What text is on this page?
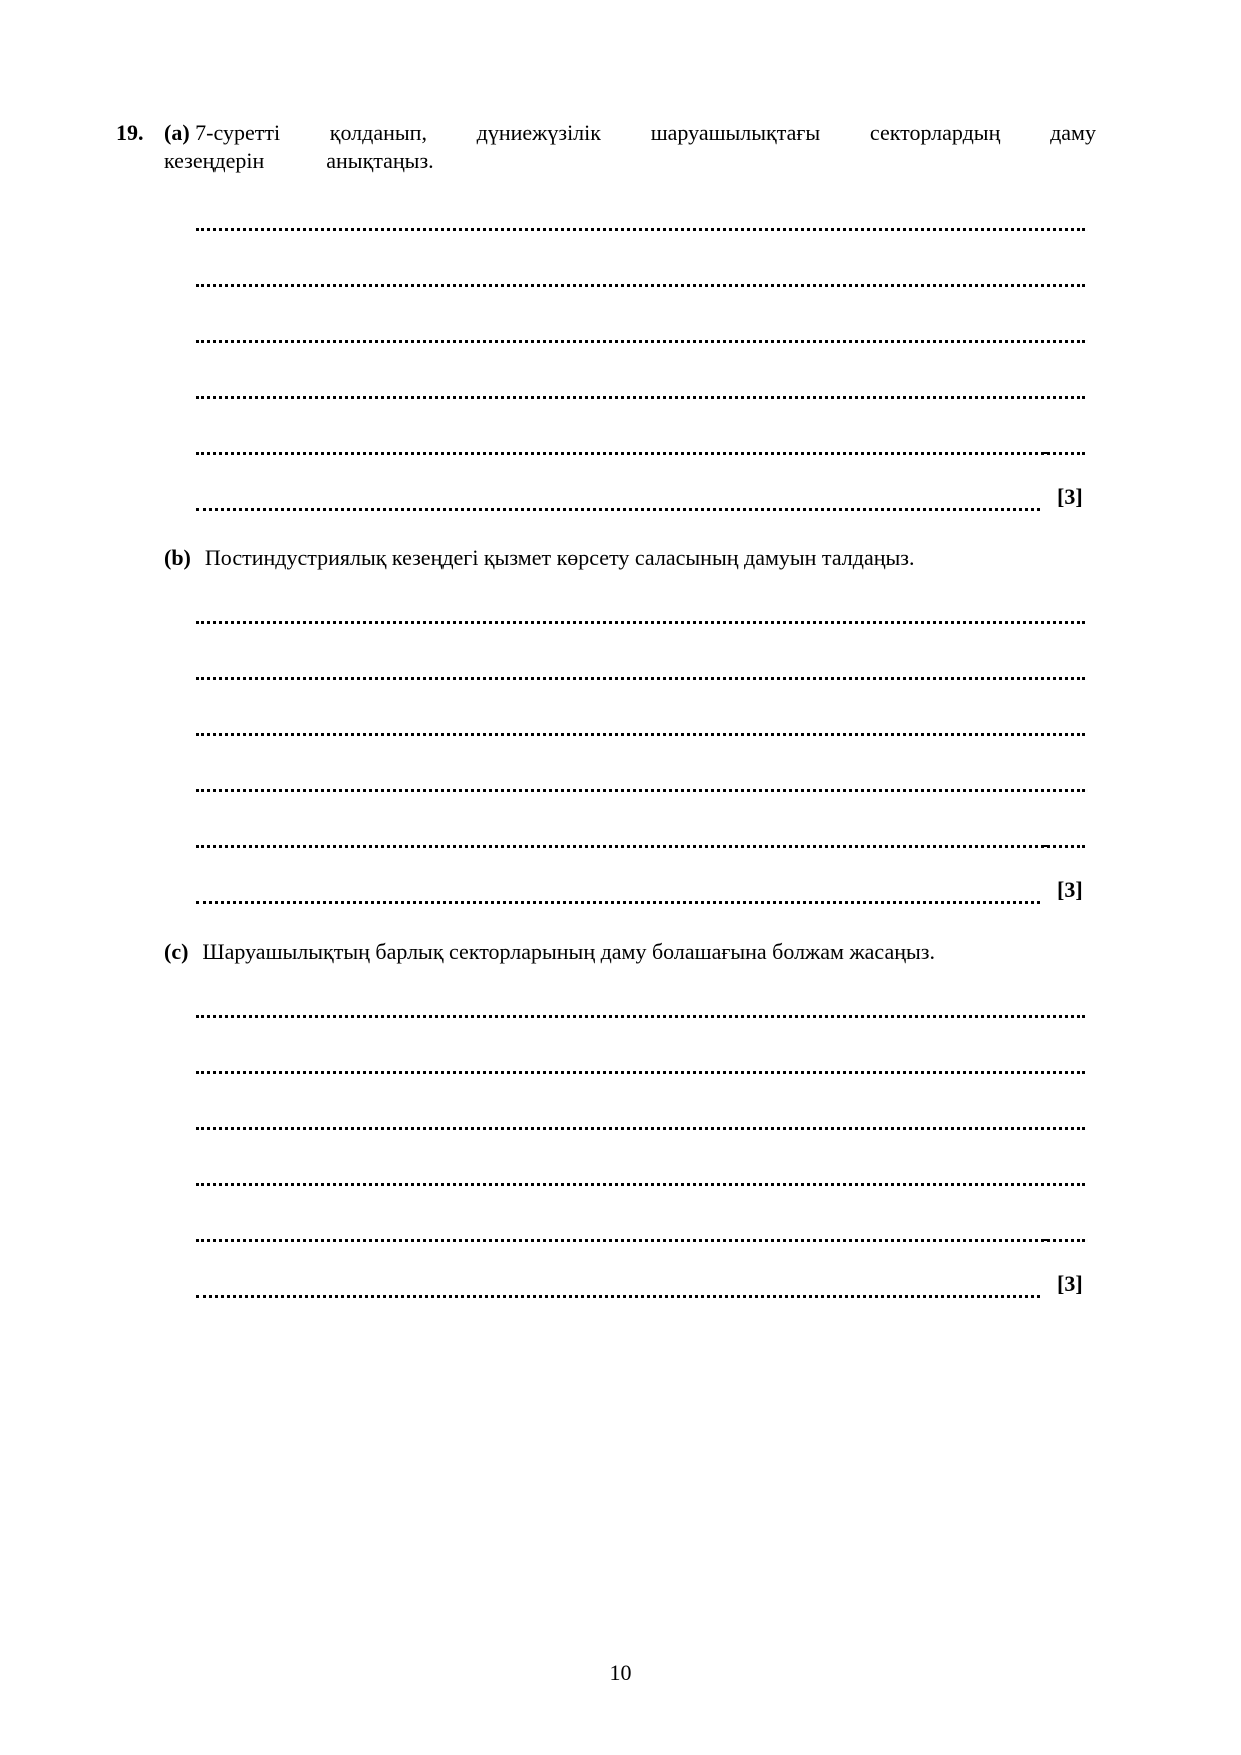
19. (a) 7-суретті қолданып, дүниежүзілік шаруашылықтағы секторлардың даму
кезеңдерін	анықтаңыз.
[3]
(b) Постиндустриялық кезеңдегі қызмет көрсету саласының дамуын талдаңыз.
[3]
(c) Шаруашылықтың барлық секторларының даму болашағына болжам жасаңыз.
[3]
10
